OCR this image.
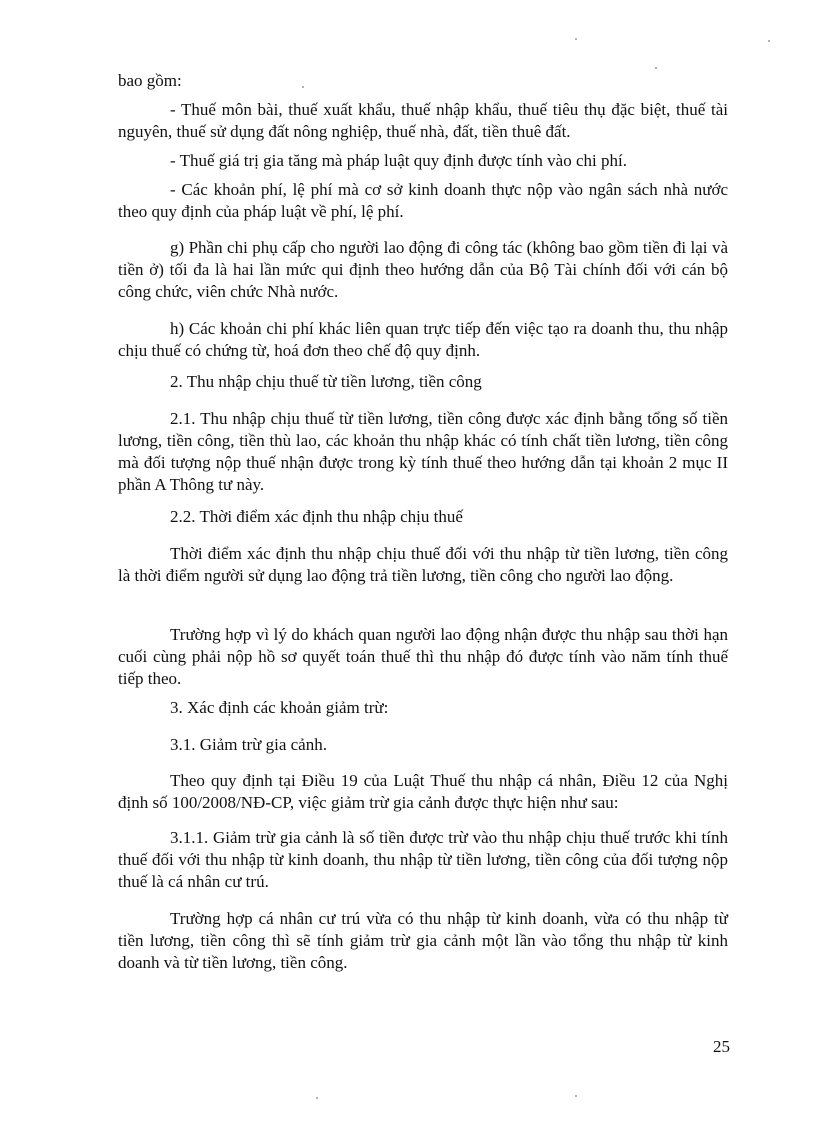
bao gồm:

- Thuế môn bài, thuế xuất khẩu, thuế nhập khẩu, thuế tiêu thụ đặc biệt, thuế tài nguyên, thuế sử dụng đất nông nghiệp, thuế nhà, đất, tiền thuê đất.

- Thuế giá trị gia tăng mà pháp luật quy định được tính vào chi phí.

- Các khoản phí, lệ phí mà cơ sở kinh doanh thực nộp vào ngân sách nhà nước theo quy định của pháp luật về phí, lệ phí.

g) Phần chi phụ cấp cho người lao động đi công tác (không bao gồm tiền đi lại và tiền ở) tối đa là hai lần mức qui định theo hướng dẫn của Bộ Tài chính đối với cán bộ công chức, viên chức Nhà nước.

h) Các khoản chi phí khác liên quan trực tiếp đến việc tạo ra doanh thu, thu nhập chịu thuế có chứng từ, hoá đơn theo chế độ quy định.

2. Thu nhập chịu thuế từ tiền lương, tiền công

2.1. Thu nhập chịu thuế từ tiền lương, tiền công được xác định bằng tổng số tiền lương, tiền công, tiền thù lao, các khoản thu nhập khác có tính chất tiền lương, tiền công mà đối tượng nộp thuế nhận được trong kỳ tính thuế theo hướng dẫn tại khoản 2 mục II phần A Thông tư này.

2.2. Thời điểm xác định thu nhập chịu thuế

Thời điểm xác định thu nhập chịu thuế đối với thu nhập từ tiền lương, tiền công là thời điểm người sử dụng lao động trả tiền lương, tiền công cho người lao động.

Trường hợp vì lý do khách quan người lao động nhận được thu nhập sau thời hạn cuối cùng phải nộp hồ sơ quyết toán thuế thì thu nhập đó được tính vào năm tính thuế tiếp theo.

3. Xác định các khoản giảm trừ:

3.1. Giảm trừ gia cảnh.

Theo quy định tại Điều 19 của Luật Thuế thu nhập cá nhân, Điều 12 của Nghị định số 100/2008/NĐ-CP, việc giảm trừ gia cảnh được thực hiện như sau:

3.1.1. Giảm trừ gia cảnh là số tiền được trừ vào thu nhập chịu thuế trước khi tính thuế đối với thu nhập từ kinh doanh, thu nhập từ tiền lương, tiền công của đối tượng nộp thuế là cá nhân cư trú.

Trường hợp cá nhân cư trú vừa có thu nhập từ kinh doanh, vừa có thu nhập từ tiền lương, tiền công thì sẽ tính giảm trừ gia cảnh một lần vào tổng thu nhập từ kinh doanh và từ tiền lương, tiền công.

25
